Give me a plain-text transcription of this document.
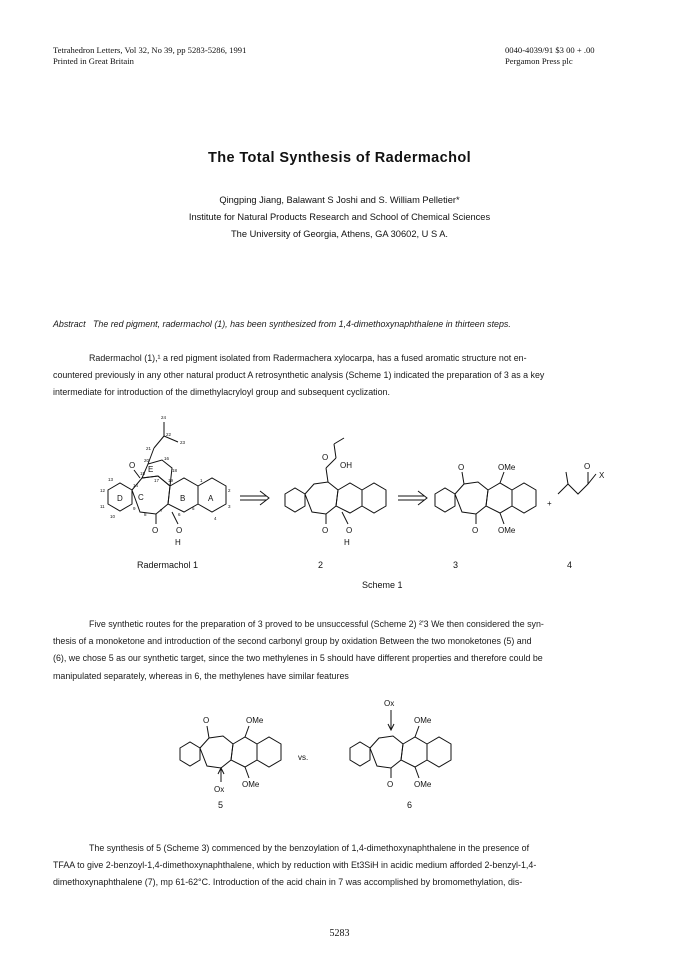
Tetrahedron Letters, Vol 32, No 39, pp 5283-5286, 1991
Printed in Great Britain
0040-4039/91 $3 00 + .00
Pergamon Press plc
The Total Synthesis of Radermachol
Qingping Jiang, Balawant S Joshi and S. William Pelletier*
Institute for Natural Products Research and School of Chemical Sciences
The University of Georgia, Athens, GA 30602, U S A.
Abstract The red pigment, radermachol (1), has been synthesized from 1,4-dimethoxynaphthalene in thirteen steps.
Radermachol (1),¹ a red pigment isolated from Radermachera xylocarpa, has a fused aromatic structure not en-
countered previously in any other natural product A retrosynthetic analysis (Scheme 1) indicated the preparation of 3 as a key
intermediate for introduction of the dimethylacryloyl group and subsequent cyclization.
O E
C
D	B	A
O O
H
O
OH
O O
H
O	OMe
O OMe
+
O
X
24
22
23
21
20	16
15
14
13
12
11
10
17 19
18
1
2
3
4
5
6
7
8
9
Radermachol 1	2	3	4
Scheme 1
Five synthetic routes for the preparation of 3 proved to be unsuccessful (Scheme 2) ²ʹ3 We then considered the syn-
thesis of a monoketone and introduction of the second carbonyl group by oxidation Between the two monoketones (5) and
(6), we chose 5 as our synthetic target, since the two methylenes in 5 should have different properties and therefore could be
manipulated separately, whereas in 6, the methylenes have similar features
O	OMe
OMe
Ox
vs.
Ox
OMe
O	OMe
5	6
The synthesis of 5 (Scheme 3) commenced by the benzoylation of 1,4-dimethoxynaphthalene in the presence of
TFAA to give 2-benzoyl-1,4-dimethoxynaphthalene, which by reduction with Et3SiH in acidic medium afforded 2-benzyl-1,4-
dimethoxynaphthalene (7), mp 61-62°C. Introduction of the acid chain in 7 was accomplished by bromomethylation, dis-
5283
